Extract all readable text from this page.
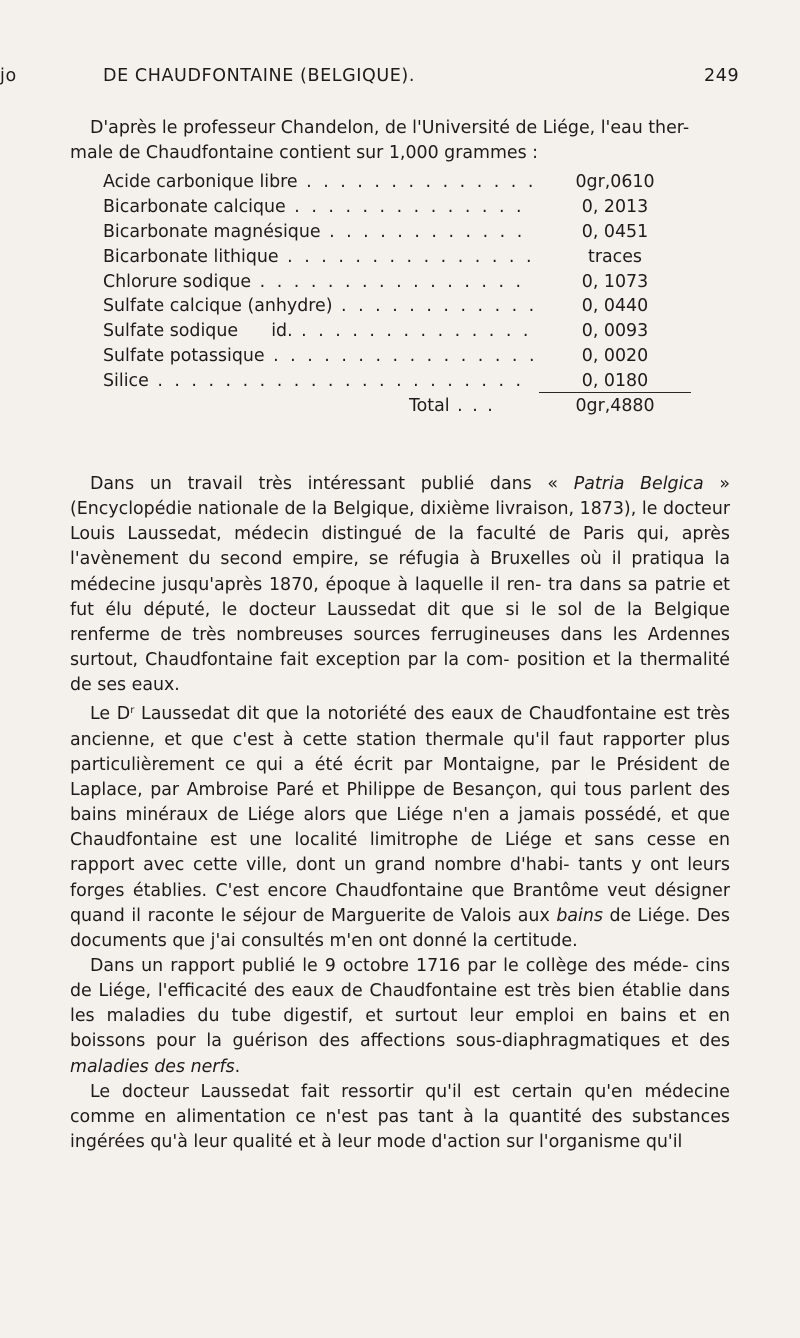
jo	DE CHAUDFONTAINE (BELGIQUE).	249

D'après le professeur Chandelon, de l'Université de Liége, l'eau ther- male de Chaudfontaine contient sur 1,000 grammes :

Acide carbonique libre . . .	0gr,0610
Bicarbonate calcique . . .	0, 2013
Bicarbonate magnésique . . .	0, 0451
Bicarbonate lithique . . .	traces
Chlorure sodique . . .	0, 1073
Sulfate calcique (anhydre) . . .	0, 0440
Sulfate sodique      id. . . .	0, 0093
Sulfate potassique . . .	0, 0020
Silice . . .	0, 0180
Total . . .	0gr,4880

Dans un travail très intéressant publié dans « Patria Belgica » (Encyclopédie nationale de la Belgique, dixième livraison, 1873), le docteur Louis Laussedat, médecin distingué de la faculté de Paris qui, après l'avènement du second empire, se réfugia à Bruxelles où il pratiqua la médecine jusqu'après 1870, époque à laquelle il ren- tra dans sa patrie et fut élu député, le docteur Laussedat dit que si le sol de la Belgique renferme de très nombreuses sources ferrugineuses dans les Ardennes surtout, Chaudfontaine fait exception par la com- position et la thermalité de ses eaux.

Le $D^r$ Laussedat dit que la notoriété des eaux de Chaudfontaine est très ancienne, et que c'est à cette station thermale qu'il faut rapporter plus particulièrement ce qui a été écrit par Montaigne, par le Président de Laplace, par Ambroise Paré et Philippe de Besançon, qui tous parlent des bains minéraux de Liége alors que Liége n'en a jamais possédé, et que Chaudfontaine est une localité limitrophe de Liége et sans cesse en rapport avec cette ville, dont un grand nombre d'habi- tants y ont leurs forges établies. C'est encore Chaudfontaine que Brantôme veut désigner quand il raconte le séjour de Marguerite de Valois aux bains de Liége. Des documents que j'ai consultés m'en ont donné la certitude.

Dans un rapport publié le 9 octobre 1716 par le collège des méde- cins de Liége, l'efficacité des eaux de Chaudfontaine est très bien établie dans les maladies du tube digestif, et surtout leur emploi en bains et en boissons pour la guérison des affections sous-diaphragmatiques et des maladies des nerfs.

Le docteur Laussedat fait ressortir qu'il est certain qu'en médecine comme en alimentation ce n'est pas tant à la quantité des substances ingérées qu'à leur qualité et à leur mode d'action sur l'organisme qu'il
